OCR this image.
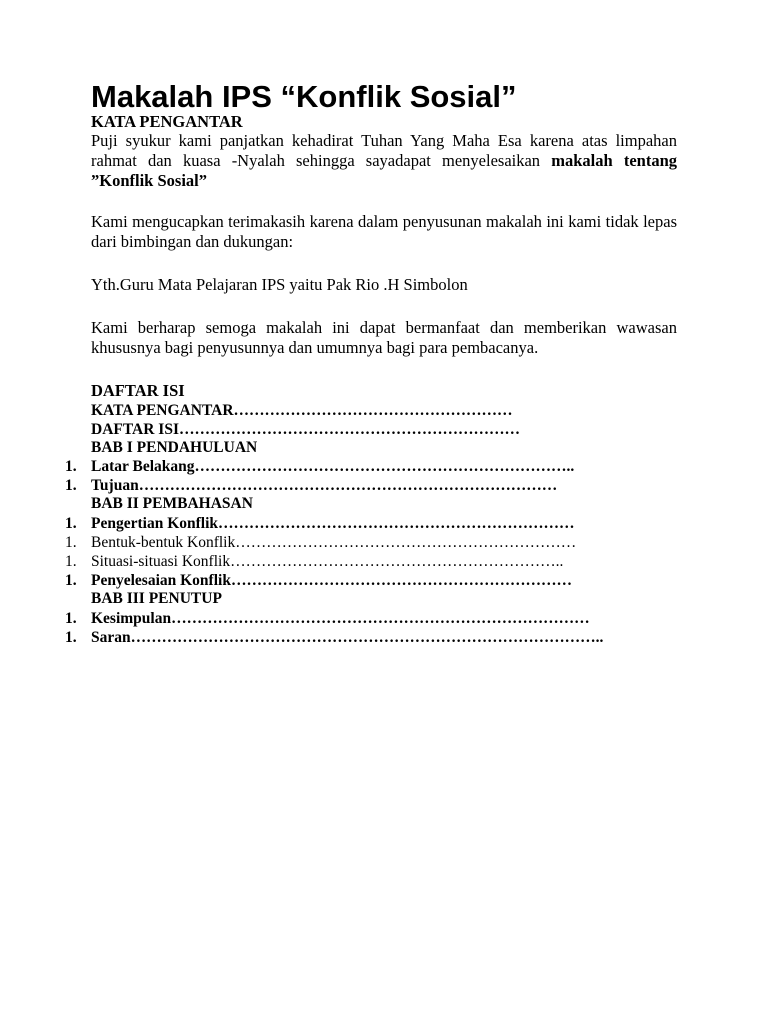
Makalah IPS “Konflik Sosial”
KATA PENGANTAR

Puji syukur kami panjatkan kehadirat Tuhan Yang Maha Esa karena atas limpahan rahmat dan kuasa -Nyalah sehingga sayadapat menyelesaikan makalah tentang ”Konflik Sosial”

Kami mengucapkan terimakasih karena dalam penyusunan makalah ini kami tidak lepas dari bimbingan dan dukungan:

Yth.Guru Mata Pelajaran IPS yaitu Pak Rio .H Simbolon

Kami berharap semoga makalah ini dapat bermanfaat dan memberikan wawasan khususnya bagi penyusunnya dan umumnya bagi para pembacanya.

DAFTAR ISI
KATA PENGANTAR………………………………………………
DAFTAR ISI…………………………………………………………
BAB I PENDAHULUAN
1. Latar Belakang………………………………………………………………..
1. Tujuan………………………………………………………………………
BAB II PEMBAHASAN
1. Pengertian Konflik……………………………………………………………
1. Bentuk-bentuk Konflik…………………………………………………………
1. Situasi-situasi Konflik………………………………………………………..
1. Penyelesaian Konflik…………………………………………………………
BAB III PENUTUP
1. Kesimpulan………………………………………………………………………
1. Saran………………………………………………………………………………..
